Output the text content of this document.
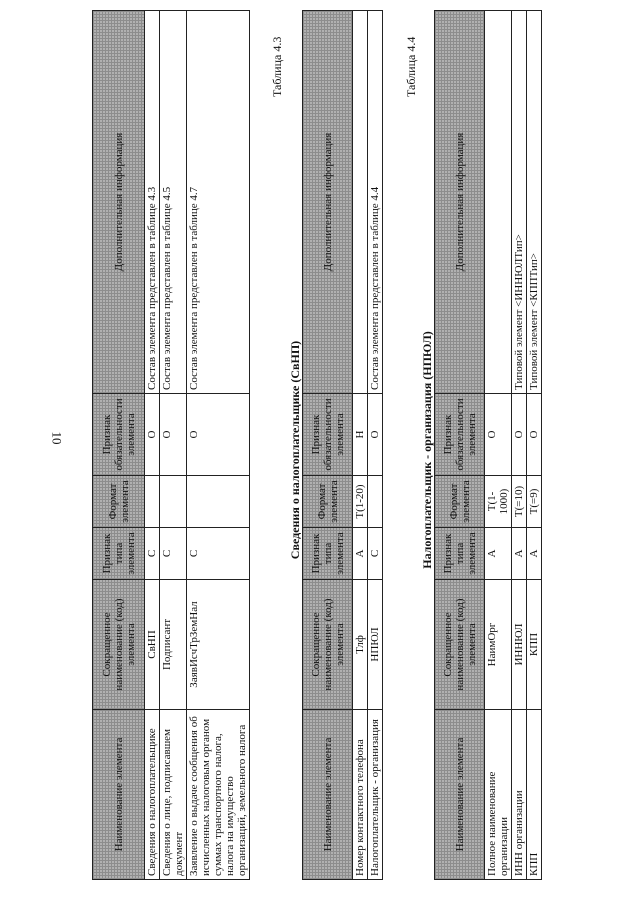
10
Наименование элемента	Сокращенное наименование (код) элемента	Признак типа элемента	Формат элемента	Признак обязательности элемента	Дополнительная информация
Сведения о налогоплательщике	СвНП	С		О	Состав элемента представлен в таблице 4.3
Сведения о лице, подписавшем документ	Подписант	С		О	Состав элемента представлен в таблице 4.5
Заявление о выдаче сообщения об исчисленных налоговым органом суммах транспортного налога, налога на имущество организаций, земельного налога	ЗаявИсчТрЗемНал	С		О	Состав элемента представлен в таблице 4.7
Таблица 4.3
Сведения о налогоплательщике (СвНП)
Наименование элемента	Сокращенное наименование (код) элемента	Признак типа элемента	Формат элемента	Признак обязательности элемента	Дополнительная информация
Номер контактного телефона	Тлф	А	T(1-20)	Н	
Налогоплательщик - организация	НПЮЛ	С		О	Состав элемента представлен в таблице 4.4
Таблица 4.4
Налогоплательщик - организация (НПЮЛ)
Наименование элемента	Сокращенное наименование (код) элемента	Признак типа элемента	Формат элемента	Признак обязательности элемента	Дополнительная информация
Полное наименование организации	НаимОрг	А	T(1-1000)	О	
ИНН организации	ИННЮЛ	А	T(=10)	О	Типовой элемент <ИННЮЛТип>
КПП	КПП	А	T(=9)	О	Типовой элемент <КППТип>
